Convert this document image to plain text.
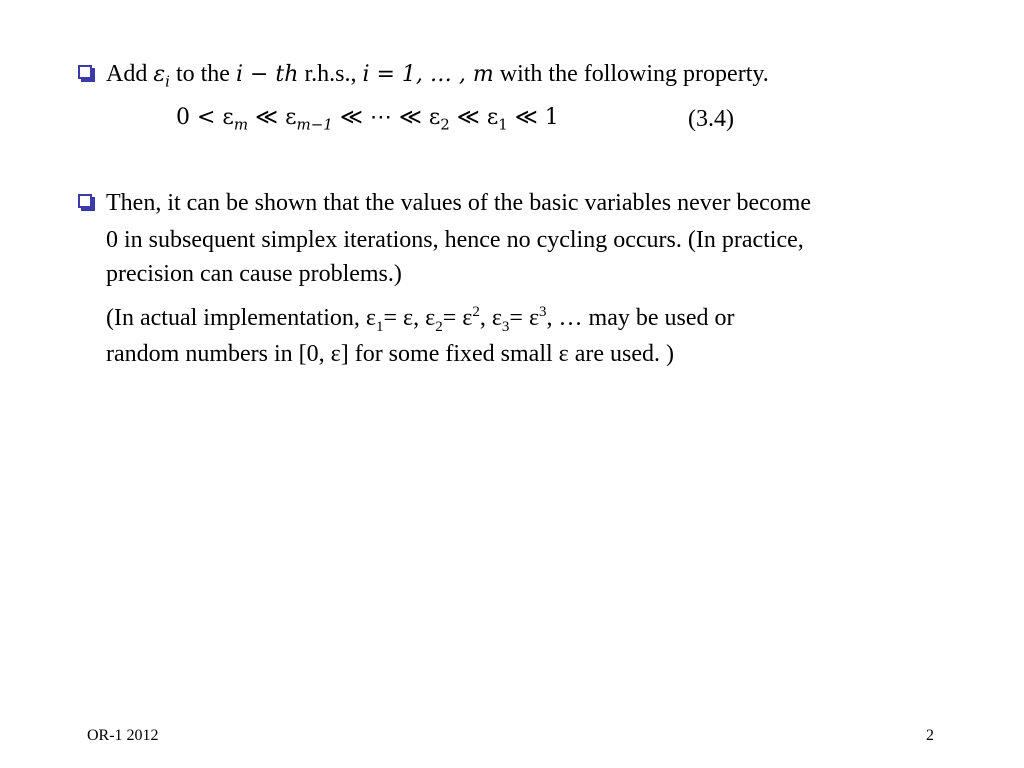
Add $\varepsilon_i$ to the i − th r.h.s., i = 1, … , m with the following property.
$0 < \varepsilon_m$ ≪ $\varepsilon_{m-1}$ ≪ ⋯ ≪ $\varepsilon_2$ ≪ $\varepsilon_1$ ≪ 1	(3.4)
Then, it can be shown that the values of the basic variables never become
0 in subsequent simplex iterations, hence no cycling occurs. (In practice,
precision can cause problems.)
(In actual implementation, $\varepsilon_1= \varepsilon$, $\varepsilon_2= \varepsilon^2$, $\varepsilon_3= \varepsilon^3$, … may be used or
random numbers in [0, ε] for some fixed small ε are used. )
OR-1 2012	2
